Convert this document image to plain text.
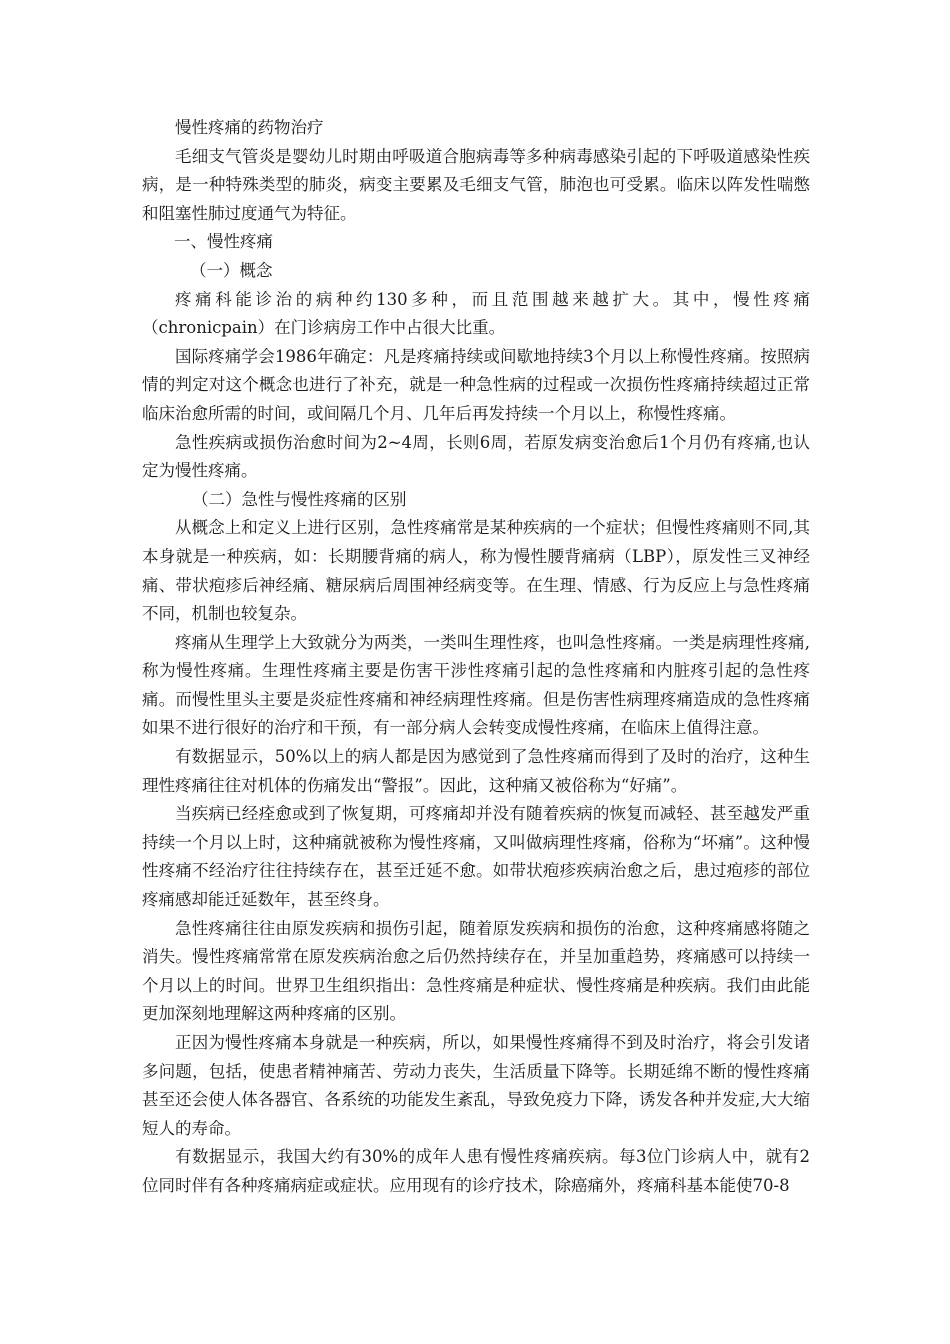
慢性疼痛的药物治疗

毛细支气管炎是婴幼儿时期由呼吸道合胞病毒等多种病毒感染引起的下呼吸道感染性疾病，是一种特殊类型的肺炎，病变主要累及毛细支气管，肺泡也可受累。临床以阵发性喘憋和阻塞性肺过度通气为特征。

一、慢性疼痛

（一）概念

疼痛科能诊治的病种约130多种，而且范围越来越扩大。其中，慢性疼痛（chronicpain）在门诊病房工作中占很大比重。

国际疼痛学会1986年确定：凡是疼痛持续或间歇地持续3个月以上称慢性疼痛。按照病情的判定对这个概念也进行了补充，就是一种急性病的过程或一次损伤性疼痛持续超过正常临床治愈所需的时间，或间隔几个月、几年后再发持续一个月以上，称慢性疼痛。

急性疾病或损伤治愈时间为2~4周，长则6周，若原发病变治愈后1个月仍有疼痛,也认定为慢性疼痛。

（二）急性与慢性疼痛的区别

从概念上和定义上进行区别，急性疼痛常是某种疾病的一个症状；但慢性疼痛则不同,其本身就是一种疾病，如：长期腰背痛的病人，称为慢性腰背痛病（LBP），原发性三叉神经痛、带状疱疹后神经痛、糖尿病后周围神经病变等。在生理、情感、行为反应上与急性疼痛不同，机制也较复杂。

疼痛从生理学上大致就分为两类，一类叫生理性疼，也叫急性疼痛。一类是病理性疼痛,称为慢性疼痛。生理性疼痛主要是伤害干涉性疼痛引起的急性疼痛和内脏疼引起的急性疼痛。而慢性里头主要是炎症性疼痛和神经病理性疼痛。但是伤害性病理疼痛造成的急性疼痛如果不进行很好的治疗和干预，有一部分病人会转变成慢性疼痛，在临床上值得注意。

有数据显示，50%以上的病人都是因为感觉到了急性疼痛而得到了及时的治疗，这种生理性疼痛往往对机体的伤痛发出“警报”。因此，这种痛又被俗称为“好痛”。

当疾病已经痊愈或到了恢复期，可疼痛却并没有随着疾病的恢复而减轻、甚至越发严重持续一个月以上时，这种痛就被称为慢性疼痛，又叫做病理性疼痛，俗称为“坏痛”。这种慢性疼痛不经治疗往往持续存在，甚至迁延不愈。如带状疱疹疾病治愈之后，患过疱疹的部位疼痛感却能迁延数年，甚至终身。

急性疼痛往往由原发疾病和损伤引起，随着原发疾病和损伤的治愈，这种疼痛感将随之消失。慢性疼痛常常在原发疾病治愈之后仍然持续存在，并呈加重趋势，疼痛感可以持续一个月以上的时间。世界卫生组织指出：急性疼痛是种症状、慢性疼痛是种疾病。我们由此能更加深刻地理解这两种疼痛的区别。

正因为慢性疼痛本身就是一种疾病，所以，如果慢性疼痛得不到及时治疗，将会引发诸多问题，包括，使患者精神痛苦、劳动力丧失，生活质量下降等。长期延绵不断的慢性疼痛甚至还会使人体各器官、各系统的功能发生紊乱，导致免疫力下降，诱发各种并发症,大大缩短人的寿命。

有数据显示，我国大约有30%的成年人患有慢性疼痛疾病。每3位门诊病人中，就有2位同时伴有各种疼痛病症或症状。应用现有的诊疗技术，除癌痛外，疼痛科基本能使70-8
